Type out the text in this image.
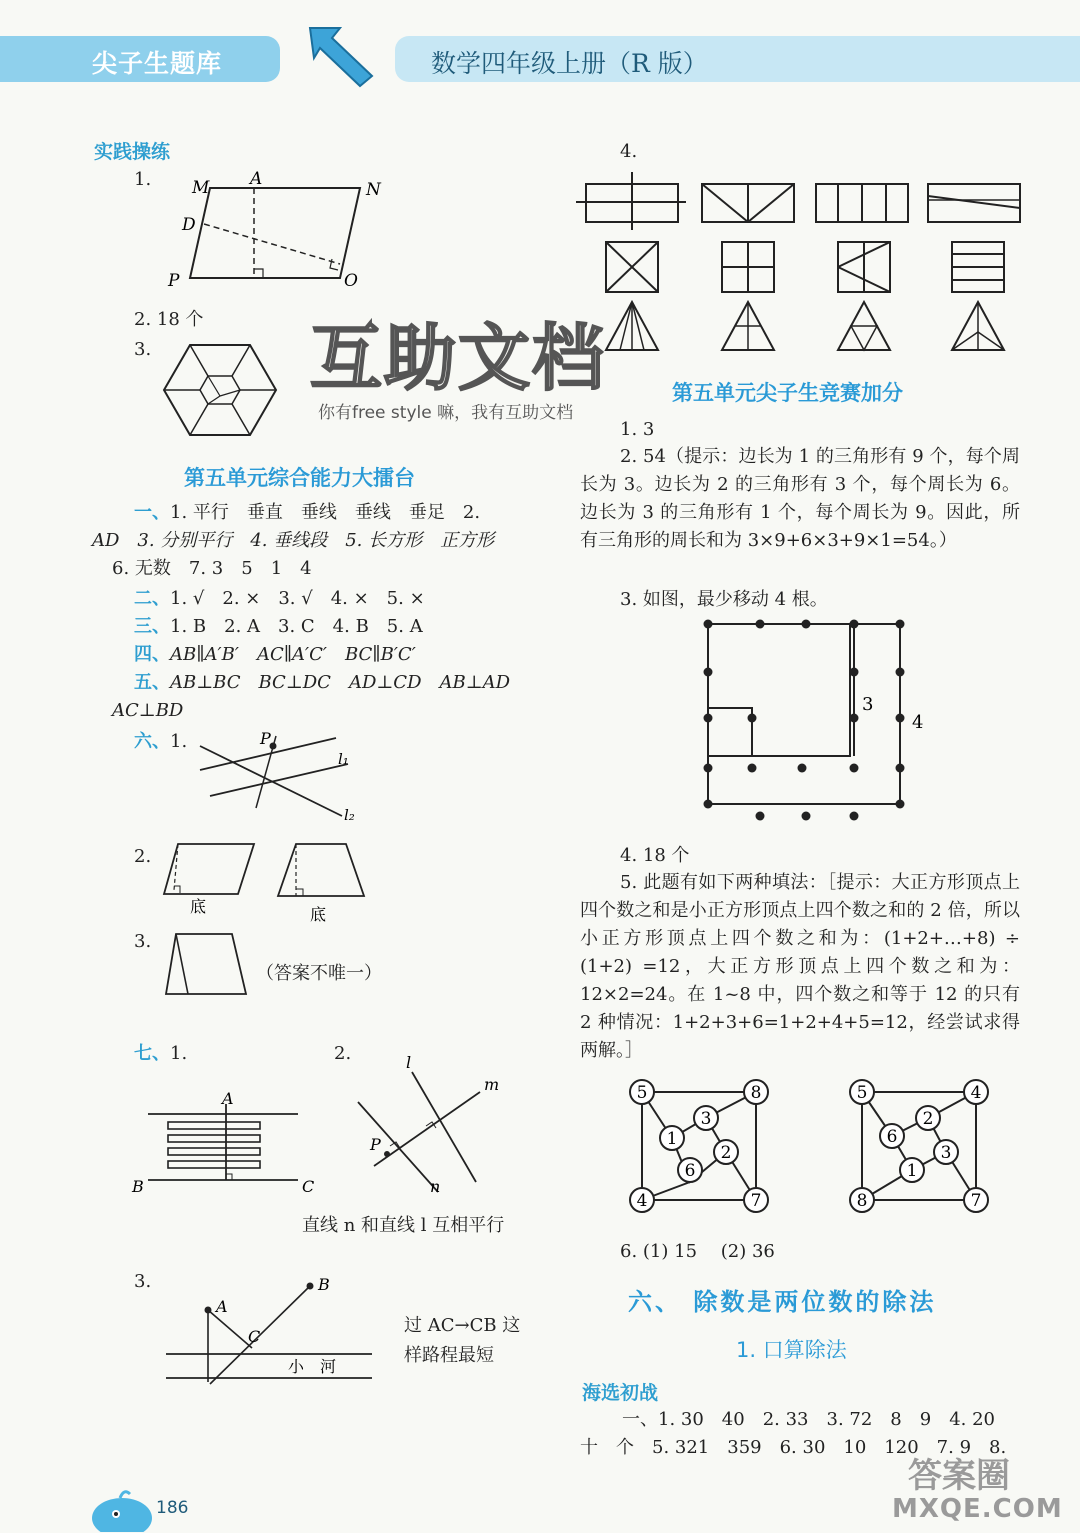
尖子生题库	数学四年级上册（R 版）
实践操练
1. M A
N
D
P	O
2. 18 个
3.
第五单元综合能力大擂台
一、1. 平行　垂直　垂线　垂线　垂足　2.
AD　3. 分别平行　4. 垂线段　5. 长方形　正方形
6. 无数　7. 3　5　1　4
二、1. √　2. ×　3. √　4. ×　5. ×
三、1. B　2. A　3. C　4. B　5. A
四、AB∥A′B′　AC∥A′C′　BC∥B′C′
五、AB⊥BC　BC⊥DC　AD⊥CD　AB⊥AD
AC⊥BD
六、1.	P
l₁
l₂
2.
底	底
3.
（答案不唯一）
七、1.	2.
A
B	C
l
m
P
n
直线 n 和直线 l 互相平行
3.
A
B
C
小　河
过 AC→CB 这
样路程最短
互助文档
你有free style 嘛，我有互助文档
4.
第五单元尖子生竞赛加分
1. 3
2. 54（提示：边长为 1 的三角形有 9 个，每个周长为 3。边长为 2 的三角形有 3 个，每个周长为 6。边长为 3 的三角形有 1 个，每个周长为 9。因此，所有三角形的周长和为 3×9+6×3+9×1=54。）
3. 如图，最少移动 4 根。
3
4
4. 18 个
5. 此题有如下两种填法：［提示：大正方形顶点上四个数之和是小正方形顶点上四个数之和的 2 倍，所以小正方形顶点上四个数之和为：(1+2+…+8) ÷ (1+2) =12，大正方形顶点上四个数之和为：12×2=24。在 1~8 中，四个数之和等于 12 的只有 2 种情况：1+2+3+6=1+2+4+5=12，经尝试求得两解。］
5	8
4	7
3
1
2
6
5	4
8	7
2
6
3
1
6. (1) 15　 (2) 36
六、 除数是两位数的除法
1. 口算除法
海选初战
一、1. 30　40　2. 33　3. 72　8　9　4. 20
十　个　5. 321　359　6. 30　10　120　7. 9　8.
186
答案圈
MXQE.COM
